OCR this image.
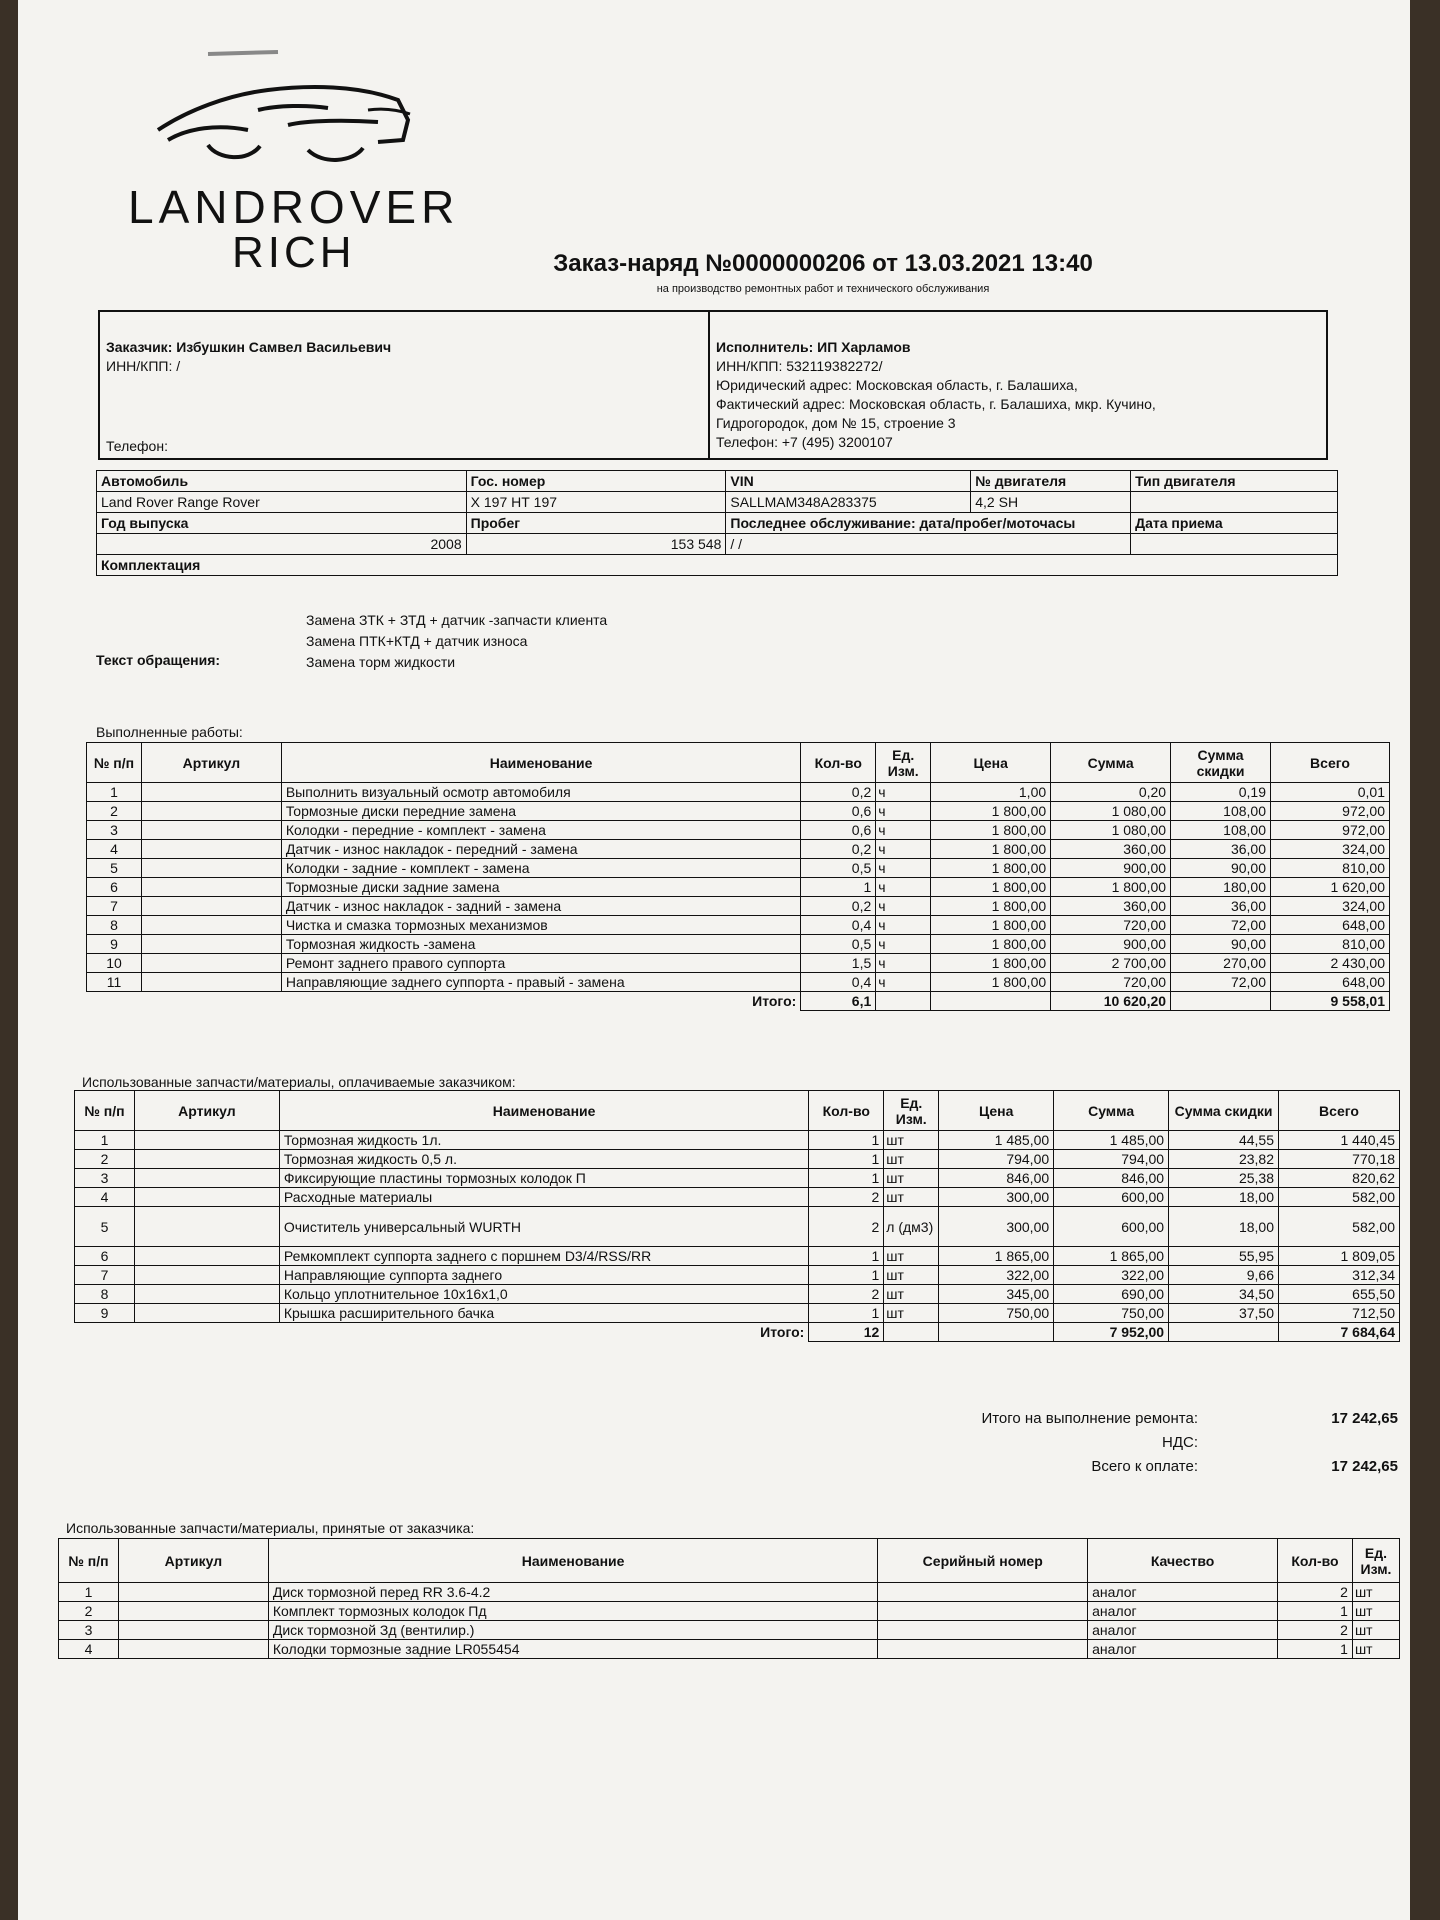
LANDROVER
RICH	Заказ-наряд №0000000206 от 13.03.2021 13:40
на производство ремонтных работ и технического обслуживания
Заказчик: Избушкин Самвел Васильевич
ИНН/КПП: /
Телефон:
Исполнитель: ИП Харламов
ИНН/КПП: 532119382272/
Юридический адрес: Московская область, г. Балашиха,
Фактический адрес: Московская область, г. Балашиха, мкр. Кучино,
Гидрогородок, дом № 15, строение 3
Телефон: +7 (495) 3200107
Автомобиль	Гос. номер	VIN	№ двигателя	Тип двигателя
Land Rover Range Rover	Х 197 НТ 197	SALLMAM348A283375	4,2 SH	
Год выпуска	Пробег	Последнее обслуживание: дата/пробег/моточасы		Дата приема
2008	153 548	/ /		
Комплектация				
Текст обращения:
Замена ЗТК + ЗТД + датчик -запчасти клиента
Замена ПТК+КТД + датчик износа
Замена торм жидкости
Выполненные работы:
№ п/п	Артикул	Наименование	Кол-во	Ед. Изм.	Цена	Сумма	Сумма скидки	Всего
1		Выполнить визуальный осмотр автомобиля	0,2	ч	1,00	0,20	0,19	0,01
2		Тормозные диски передние замена	0,6	ч	1 800,00	1 080,00	108,00	972,00
3		Колодки - передние - комплект - замена	0,6	ч	1 800,00	1 080,00	108,00	972,00
4		Датчик - износ накладок - передний - замена	0,2	ч	1 800,00	360,00	36,00	324,00
5		Колодки - задние - комплект - замена	0,5	ч	1 800,00	900,00	90,00	810,00
6		Тормозные диски задние замена	1	ч	1 800,00	1 800,00	180,00	1 620,00
7		Датчик - износ накладок - задний - замена	0,2	ч	1 800,00	360,00	36,00	324,00
8		Чистка и смазка тормозных механизмов	0,4	ч	1 800,00	720,00	72,00	648,00
9		Тормозная жидкость -замена	0,5	ч	1 800,00	900,00	90,00	810,00
10		Ремонт заднего правого суппорта	1,5	ч	1 800,00	2 700,00	270,00	2 430,00
11		Направляющие заднего суппорта - правый - замена	0,4	ч	1 800,00	720,00	72,00	648,00
Итого:			6,1			10 620,20		9 558,01
Использованные запчасти/материалы, оплачиваемые заказчиком:
№ п/п	Артикул	Наименование	Кол-во	Ед. Изм.	Цена	Сумма	Сумма скидки	Всего
1		Тормозная жидкость 1л.	1	шт	1 485,00	1 485,00	44,55	1 440,45
2		Тормозная жидкость 0,5 л.	1	шт	794,00	794,00	23,82	770,18
3		Фиксирующие пластины тормозных колодок П	1	шт	846,00	846,00	25,38	820,62
4		Расходные материалы	2	шт	300,00	600,00	18,00	582,00
5		Очиститель универсальный WURTH	2	л (дм3)	300,00	600,00	18,00	582,00
6		Ремкомплект суппорта заднего с поршнем D3/4/RSS/RR	1	шт	1 865,00	1 865,00	55,95	1 809,05
7		Направляющие суппорта заднего	1	шт	322,00	322,00	9,66	312,34
8		Кольцо уплотнительное 10x16x1,0	2	шт	345,00	690,00	34,50	655,50
9		Крышка расширительного бачка	1	шт	750,00	750,00	37,50	712,50
Итого:			12			7 952,00		7 684,64
Итого на выполнение ремонта:	17 242,65
НДС:
Всего к оплате:	17 242,65
Использованные запчасти/материалы, принятые от заказчика:
№ п/п	Артикул	Наименование	Серийный номер	Качество	Кол-во	Ед. Изм.
1		Диск тормозной перед RR 3.6-4.2		аналог	2	шт
2		Комплект тормозных колодок Пд		аналог	1	шт
3		Диск тормозной Зд (вентилир.)		аналог	2	шт
4		Колодки тормозные задние LR055454		аналог	1	шт
